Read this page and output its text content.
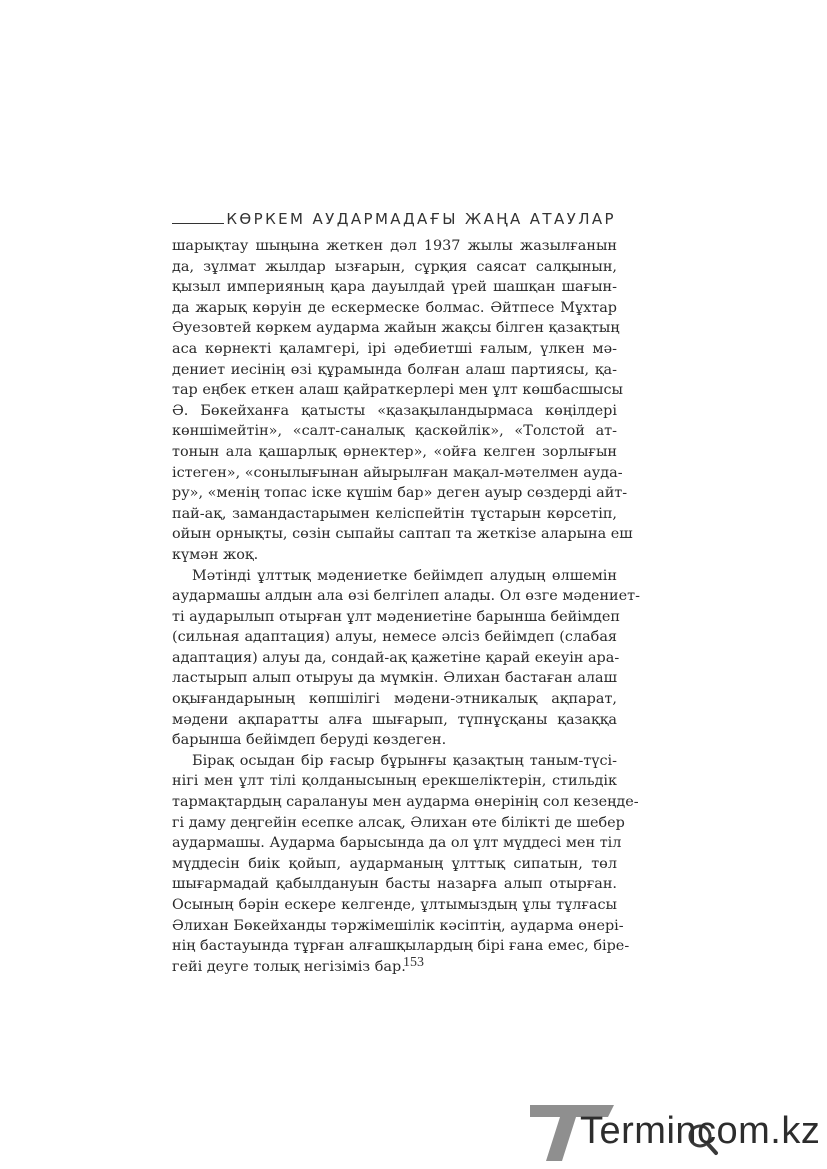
КӨРКЕМ АУДАРМАДАҒЫ ЖАҢА АТАУЛАР
шарықтау шыңына жеткен дәл 1937 жылы жазылғанын
да, зұлмат жылдар ызғарын, сұрқия саясат салқынын,
қызыл империяның қара дауылдай үрей шашқан шағын-
да жарық көруін де ескермеске болмас. Әйтпесе Мұхтар
Әуезовтей көркем аударма жайын жақсы білген қазақтың
аса көрнекті қаламгері, ірі әдебиетші ғалым, үлкен мә-
дениет иесінің өзі құрамында болған алаш партиясы, қа-
тар еңбек еткен алаш қайраткерлері мен ұлт көшбасшысы
Ә. Бөкейханға қатысты «қазақыландырмаса көңілдері
көншімейтін», «салт-саналық қаскөйлік», «Толстой ат-
тонын ала қашарлық өрнектер», «ойға келген зорлығын
істеген», «сонылығынан айырылған мақал-мәтелмен ауда-
ру», «менің топас іске күшім бар» деген ауыр сөздерді айт-
пай-ақ, замандастарымен келіспейтін тұстарын көрсетіп,
ойын орнықты, сөзін сыпайы саптап та жеткізе аларына еш
күмән жоқ.
Мәтінді ұлттық мәдениетке бейімдеп алудың өлшемін
аудармашы алдын ала өзі белгілеп алады. Ол өзге мәдениет-
ті аударылып отырған ұлт мәдениетіне барынша бейімдеп
(сильная адаптация) алуы, немесе әлсіз бейімдеп (слабая
адаптация) алуы да, сондай-ақ қажетіне қарай екеуін ара-
ластырып алып отыруы да мүмкін. Әлихан бастаған алаш
оқығандарының көпшілігі мәдени-этникалық ақпарат,
мәдени ақпаратты алға шығарып, түпнұсқаны қазаққа
барынша бейімдеп беруді көздеген.
Бірақ осыдан бір ғасыр бұрынғы қазақтың таным-түсі-
нігі мен ұлт тілі қолданысының ерекшеліктерін, стильдік
тармақтардың саралануы мен аударма өнерінің сол кезеңде-
гі даму деңгейін есепке алсақ, Әлихан өте білікті де шебер
аудармашы. Аударма барысында да ол ұлт мүддесі мен тіл
мүддесін биік қойып, аударманың ұлттық сипатын, төл
шығармадай қабылдануын басты назарға алып отырған.
Осының бәрін ескере келгенде, ұлтымыздың ұлы тұлғасы
Әлихан Бөкейханды тәржімешілік кәсіптің, аударма өнері-
нің бастауында тұрған алғашқылардың бірі ғана емес, біре-
гейі деуге толық негізіміз бар.
153
Termincom.kz
